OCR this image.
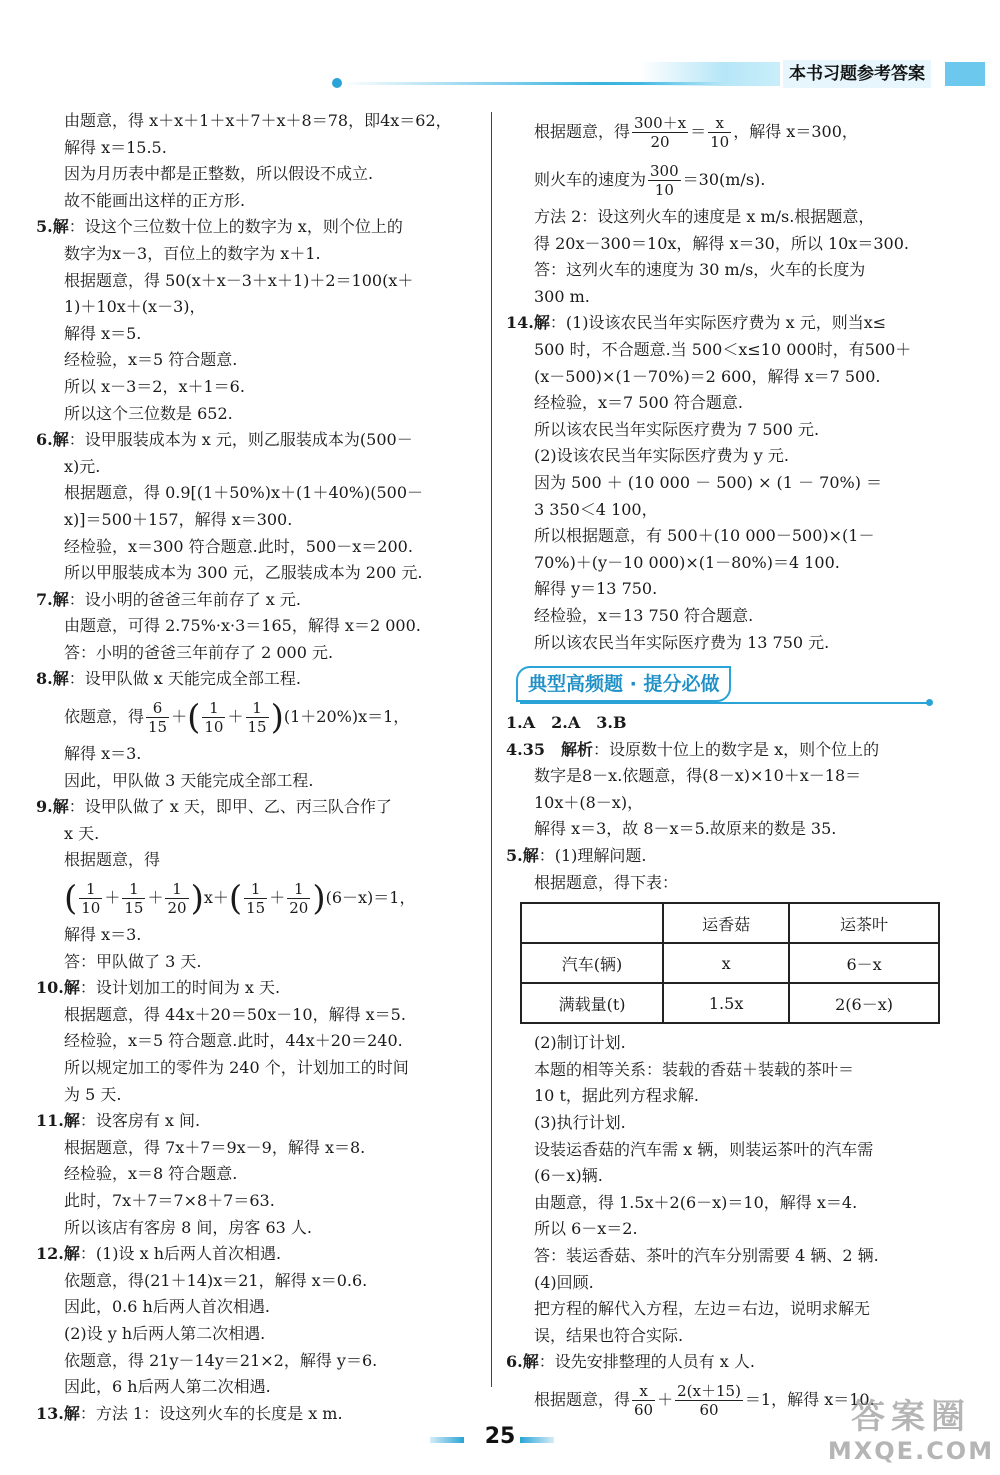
本书习题参考答案
由题意，得 x＋x＋1＋x＋7＋x＋8＝78，即4x＝62，
解得 x＝15.5.
因为月历表中都是正整数，所以假设不成立.
故不能画出这样的正方形.
5.解：设这个三位数十位上的数字为 x，则个位上的
数字为x－3，百位上的数字为 x＋1.
根据题意，得 50(x＋x－3＋x＋1)＋2＝100(x＋
1)＋10x＋(x－3)，
解得 x＝5.
经检验，x＝5 符合题意.
所以 x－3＝2，x＋1＝6.
所以这个三位数是 652.
6.解：设甲服装成本为 x 元，则乙服装成本为(500－
x)元.
根据题意，得 0.9[(1＋50%)x＋(1＋40%)(500－
x)]＝500＋157，解得 x＝300.
经检验，x＝300 符合题意.此时，500－x＝200.
所以甲服装成本为 300 元，乙服装成本为 200 元.
7.解：设小明的爸爸三年前存了 x 元.
由题意，可得 2.75%·x·3＝165，解得 x＝2 000.
答：小明的爸爸三年前存了 2 000 元.
8.解：设甲队做 x 天能完成全部工程.
依题意，得 $\frac{6}{15}$ ＋( $\frac{1}{10} + \frac{1}{15} )(1+20\%)x=1$，
解得 x＝3.
因此，甲队做 3 天能完成全部工程.
9.解：设甲队做了 x 天，即甲、乙、丙三队合作了
x 天.
根据题意，得
( $\frac{1}{10} + \frac{1}{15} + \frac{1}{20} )x+( \frac{1}{15} + \frac{1}{20} )(6-x)=1$，
解得 x＝3.
答：甲队做了 3 天.
10.解：设计划加工的时间为 x 天.
根据题意，得 44x＋20＝50x－10，解得 x＝5.
经检验，x＝5 符合题意.此时，44x＋20＝240.
所以规定加工的零件为 240 个，计划加工的时间
为 5 天.
11.解：设客房有 x 间.
根据题意，得 7x＋7＝9x－9，解得 x＝8.
经检验，x＝8 符合题意.
此时，7x＋7＝7×8＋7＝63.
所以该店有客房 8 间，房客 63 人.
12.解：(1)设 x h后两人首次相遇.
依题意，得(21＋14)x＝21，解得 x＝0.6.
因此，0.6 h后两人首次相遇.
(2)设 y h后两人第二次相遇.
依题意，得 21y－14y＝21×2，解得 y＝6.
因此，6 h后两人第二次相遇.
13.解：方法 1：设这列火车的长度是 x m.
根据题意，得 $\frac{300+x}{20} = \frac{x}{10}$ ，解得 x＝300，
则火车的速度为 $\frac{300}{10} =30(m/s)$.
方法 2：设这列火车的速度是 x m/s.根据题意，
得 20x－300＝10x，解得 x＝30，所以 10x＝300.
答：这列火车的速度为 30 m/s，火车的长度为
300 m.
14.解：(1)设该农民当年实际医疗费为 x 元，则当x≤
500 时，不合题意.当 500＜x≤10 000时，有500＋
(x－500)×(1－70%)＝2 600，解得 x＝7 500.
经检验，x＝7 500 符合题意.
所以该农民当年实际医疗费为 7 500 元.
(2)设该农民当年实际医疗费为 y 元.
因为 500 ＋ (10 000 － 500) × (1 － 70%) ＝
3 350＜4 100，
所以根据题意，有 500＋(10 000－500)×(1－
70%)＋(y－10 000)×(1－80%)＝4 100.
解得 y＝13 750.
经检验，x＝13 750 符合题意.
所以该农民当年实际医疗费为 13 750 元.
典型高频题 · 提分必做
1.A　2.A　3.B
4.35　解析：设原数十位上的数字是 x，则个位上的
数字是8－x.依题意，得(8－x)×10＋x－18＝
10x＋(8－x)，
解得 x＝3，故 8－x＝5.故原来的数是 35.
5.解：(1)理解问题.
根据题意，得下表：
	运香菇	运茶叶
汽车(辆)	x	6－x
满载量(t)	1.5x	2(6－x)
(2)制订计划.
本题的相等关系：装载的香菇＋装载的茶叶＝
10 t，据此列方程求解.
(3)执行计划.
设装运香菇的汽车需 x 辆，则装运茶叶的汽车需
(6－x)辆.
由题意，得 1.5x＋2(6－x)＝10，解得 x＝4.
所以 6－x＝2.
答：装运香菇、茶叶的汽车分别需要 4 辆、2 辆.
(4)回顾.
把方程的解代入方程，左边＝右边，说明求解无
误，结果也符合实际.
6.解：设先安排整理的人员有 x 人.
根据题意，得 $\frac{x}{60} + \frac{2(x+15)}{60} =1$，解得 x＝10.
25	答案圈
MXQE.COM
